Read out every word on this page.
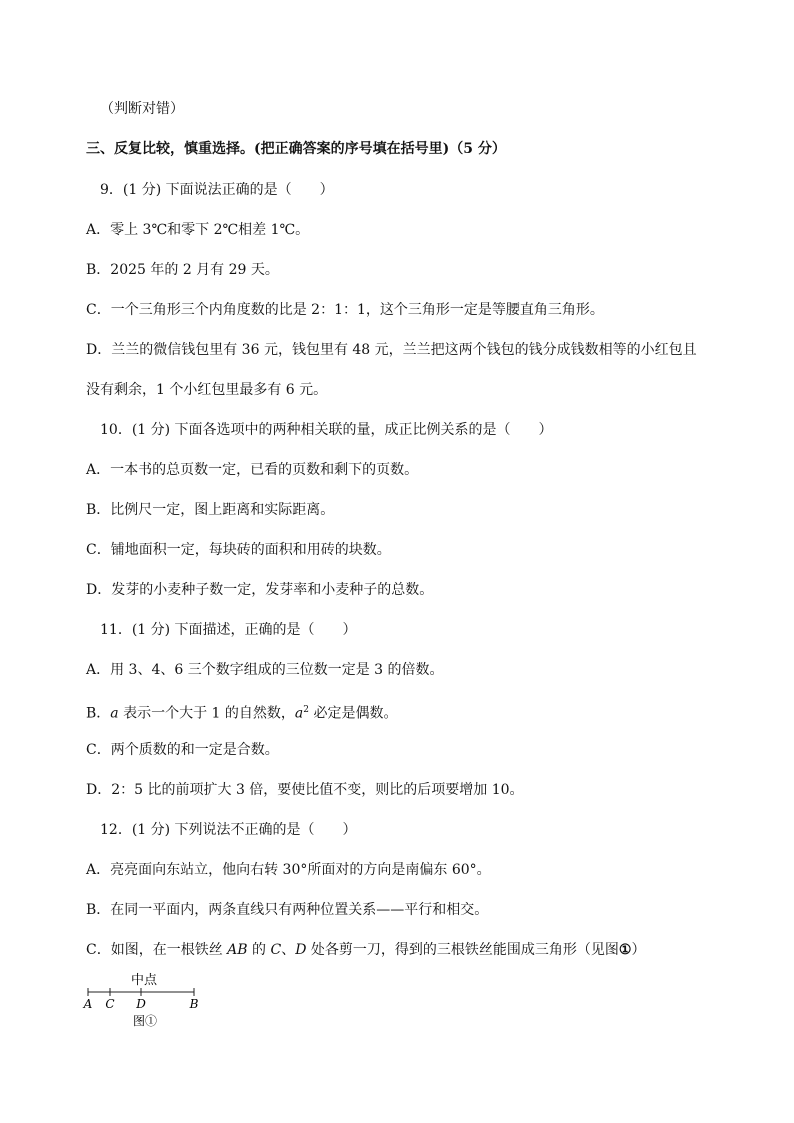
（判断对错）
三、反复比较，慎重选择。(把正确答案的序号填在括号里)（5 分）
9．(1 分) 下面说法正确的是（　　）
A．零上 3℃和零下 2℃相差 1℃。
B．2025 年的 2 月有 29 天。
C．一个三角形三个内角度数的比是 2：1：1，这个三角形一定是等腰直角三角形。
D．兰兰的微信钱包里有 36 元，钱包里有 48 元，兰兰把这两个钱包的钱分成钱数相等的小红包且
没有剩余，1 个小红包里最多有 6 元。
10．(1 分) 下面各选项中的两种相关联的量，成正比例关系的是（　　）
A．一本书的总页数一定，已看的页数和剩下的页数。
B．比例尺一定，图上距离和实际距离。
C．铺地面积一定，每块砖的面积和用砖的块数。
D．发芽的小麦种子数一定，发芽率和小麦种子的总数。
11．(1 分) 下面描述，正确的是（　　）
A．用 3、4、6 三个数字组成的三位数一定是 3 的倍数。
B．a 表示一个大于 1 的自然数，$a^2$ 必定是偶数。
C．两个质数的和一定是合数。
D．2：5 比的前项扩大 3 倍，要使比值不变，则比的后项要增加 10。
12．(1 分) 下列说法不正确的是（　　）
A．亮亮面向东站立，他向右转 30°所面对的方向是南偏东 60°。
B．在同一平面内，两条直线只有两种位置关系——平行和相交。
C．如图，在一根铁丝 AB 的 C、D 处各剪一刀，得到的三根铁丝能围成三角形（见图①）
中点
A C D	B
图①
